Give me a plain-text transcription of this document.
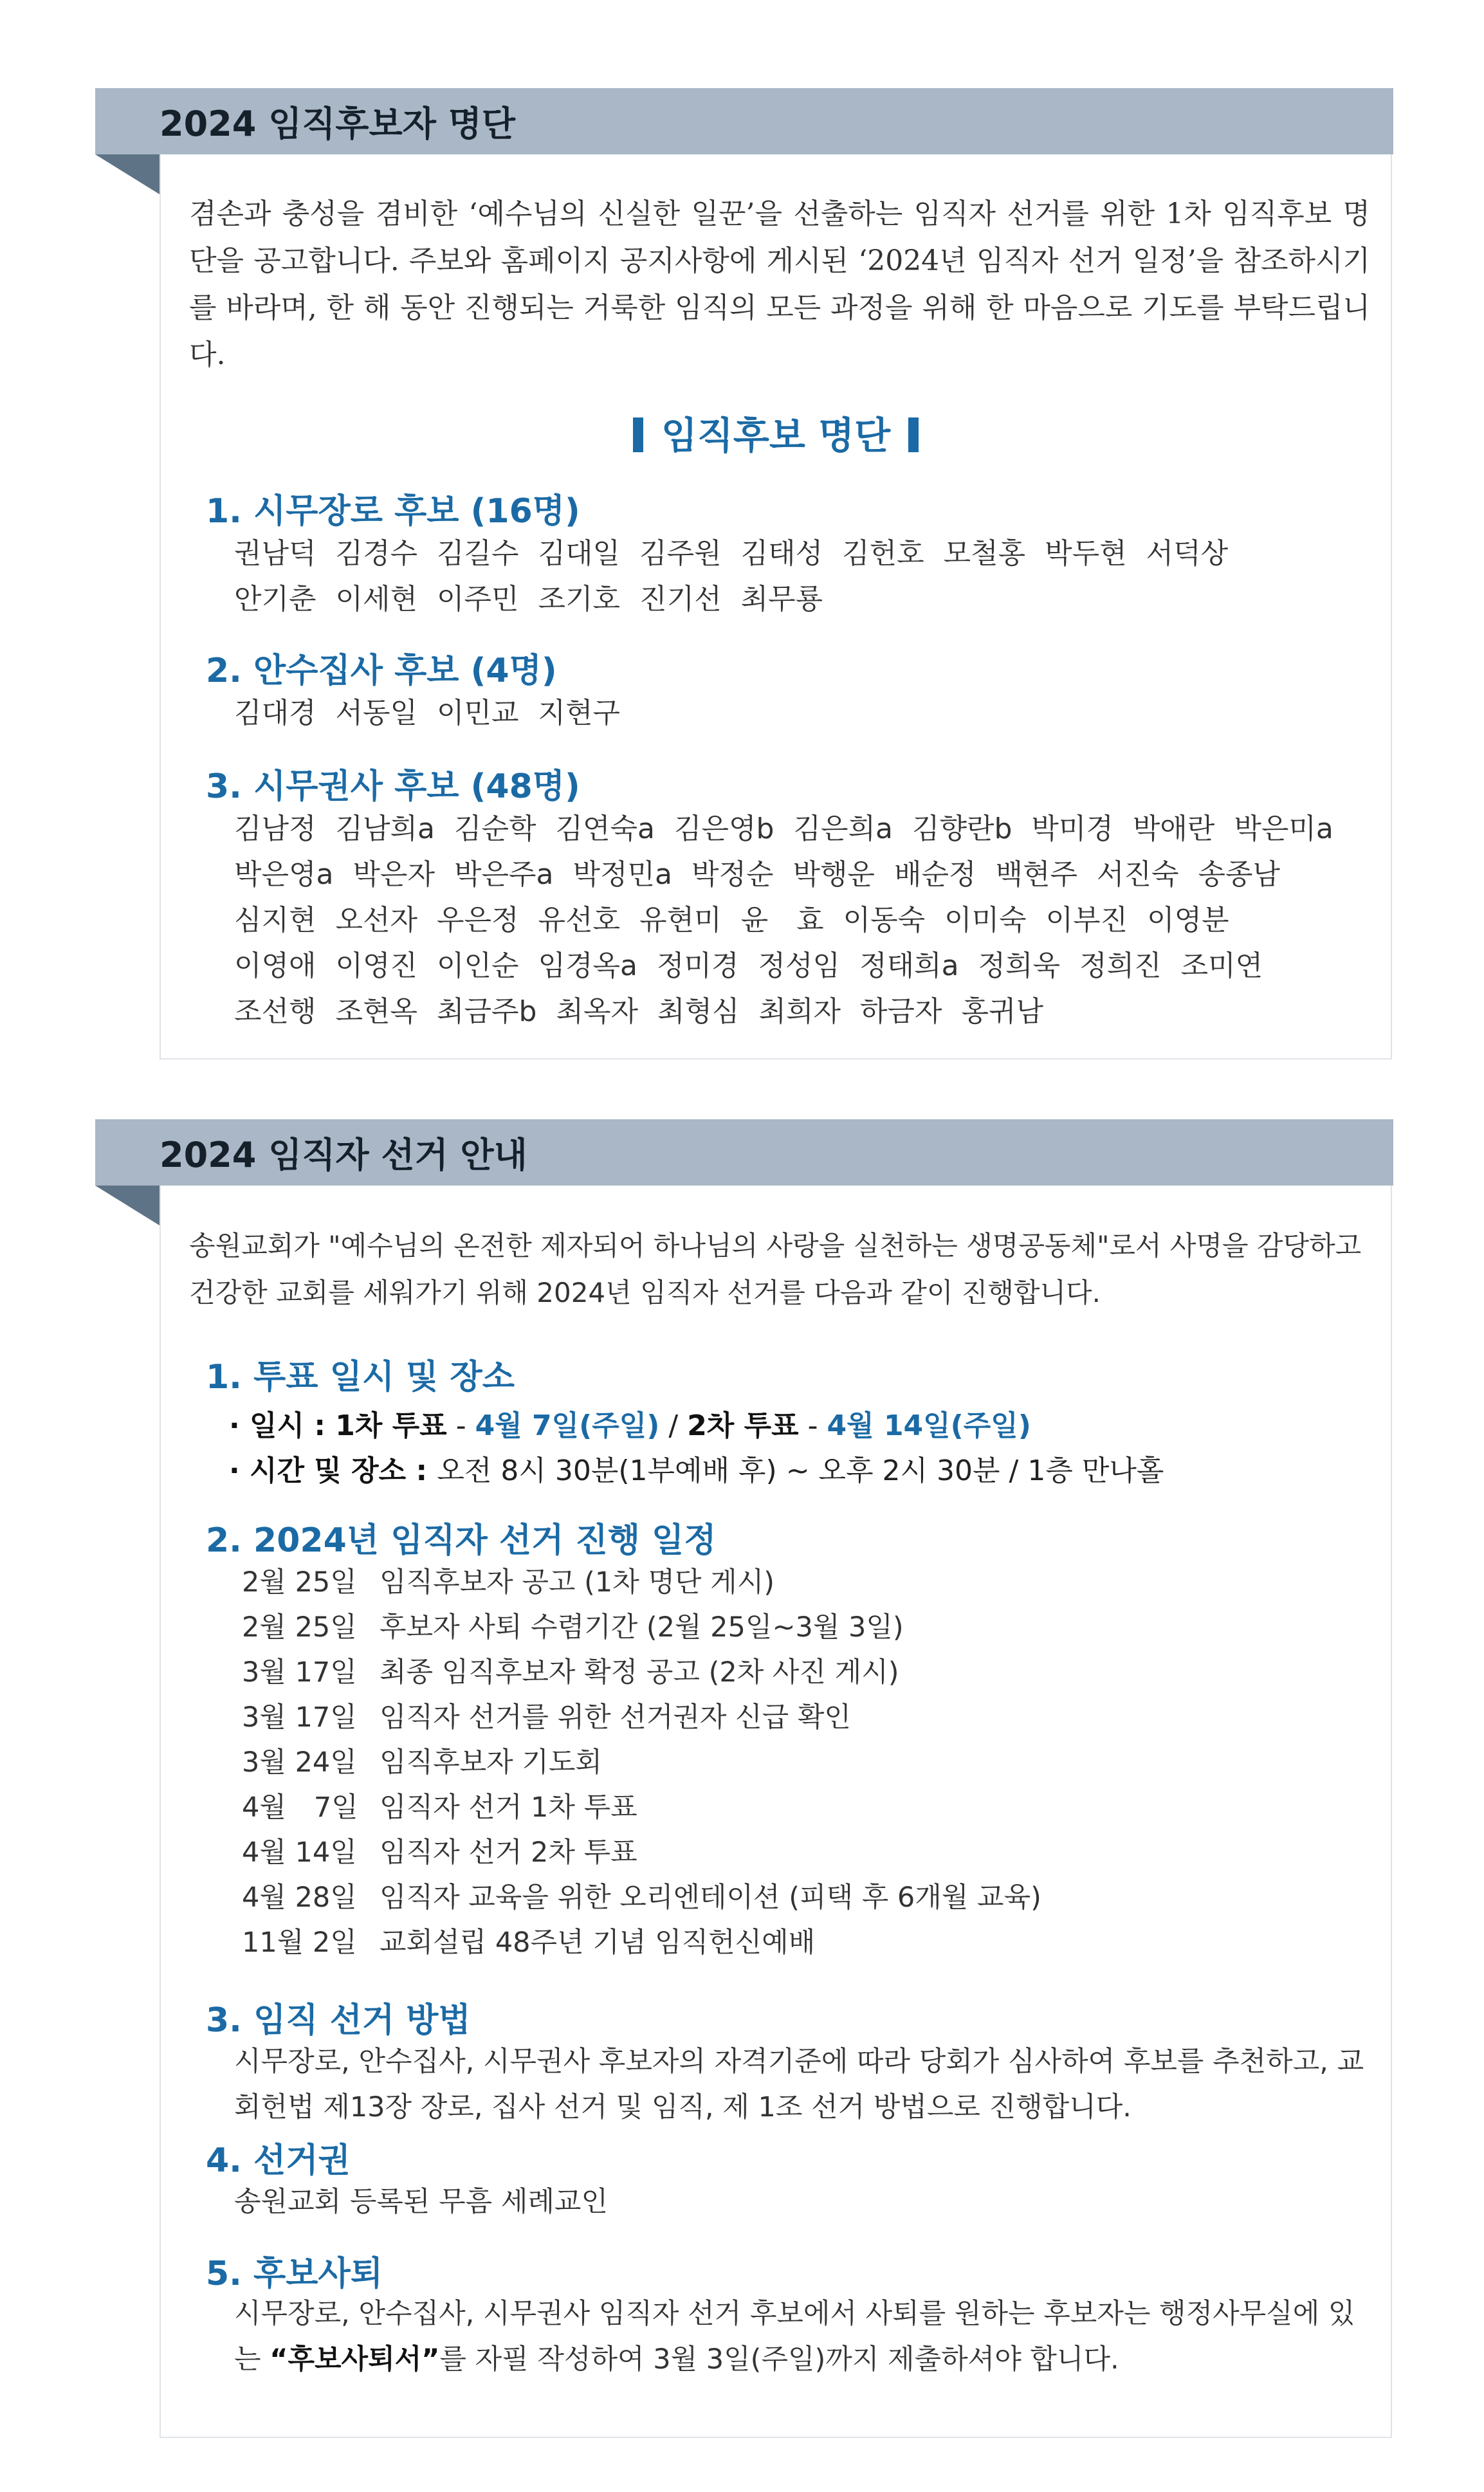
2024 임직후보자 명단
겸손과 충성을 겸비한 ‘예수님의 신실한 일꾼’을 선출하는 임직자 선거를 위한 1차 임직후보 명단을 공고합니다. 주보와 홈페이지 공지사항에 게시된 ‘2024년 임직자 선거 일정’을 참조하시기를 바라며, 한 해 동안 진행되는 거룩한 임직의 모든 과정을 위해 한 마음으로 기도를 부탁드립니다.
임직후보 명단
1. 시무장로 후보 (16명)
권남덕 김경수 김길수 김대일 김주원 김태성 김헌호 모철홍 박두현 서덕상
안기춘 이세현 이주민 조기호 진기선 최무룡
2. 안수집사 후보 (4명)
김대경 서동일 이민교 지현구
3. 시무권사 후보 (48명)
김남정 김남희a 김순학 김연숙a 김은영b 김은희a 김향란b 박미경 박애란 박은미a
박은영a 박은자 박은주a 박정민a 박정순 박행운 배순정 백현주 서진숙 송종남
심지현 오선자 우은정 유선호 유현미 윤　효 이동숙 이미숙 이부진 이영분
이영애 이영진 이인순 임경옥a 정미경 정성임 정태희a 정희욱 정희진 조미연
조선행 조현옥 최금주b 최옥자 최형심 최희자 하금자 홍귀남
2024 임직자 선거 안내
송원교회가 "예수님의 온전한 제자되어 하나님의 사랑을 실천하는 생명공동체"로서 사명을 감당하고 건강한 교회를 세워가기 위해 2024년 임직자 선거를 다음과 같이 진행합니다.
1. 투표 일시 및 장소
· 일시 : 1차 투표 - 4월 7일(주일) / 2차 투표 - 4월 14일(주일)
· 시간 및 장소 : 오전 8시 30분(1부예배 후) ~ 오후 2시 30분 / 1층 만나홀
2. 2024년 임직자 선거 진행 일정
2월 25일 임직후보자 공고 (1차 명단 게시)
2월 25일 후보자 사퇴 수렴기간 (2월 25일~3월 3일)
3월 17일 최종 임직후보자 확정 공고 (2차 사진 게시)
3월 17일 임직자 선거를 위한 선거권자 신급 확인
3월 24일 임직후보자 기도회
4월　7일 임직자 선거 1차 투표
4월 14일 임직자 선거 2차 투표
4월 28일 임직자 교육을 위한 오리엔테이션 (피택 후 6개월 교육)
11월 2일 교회설립 48주년 기념 임직헌신예배
3. 임직 선거 방법
시무장로, 안수집사, 시무권사 후보자의 자격기준에 따라 당회가 심사하여 후보를 추천하고, 교회헌법 제13장 장로, 집사 선거 및 임직, 제 1조 선거 방법으로 진행합니다.
4. 선거권
송원교회 등록된 무흠 세례교인
5. 후보사퇴
시무장로, 안수집사, 시무권사 임직자 선거 후보에서 사퇴를 원하는 후보자는 행정사무실에 있는 “후보사퇴서”를 자필 작성하여 3월 3일(주일)까지 제출하셔야 합니다.
